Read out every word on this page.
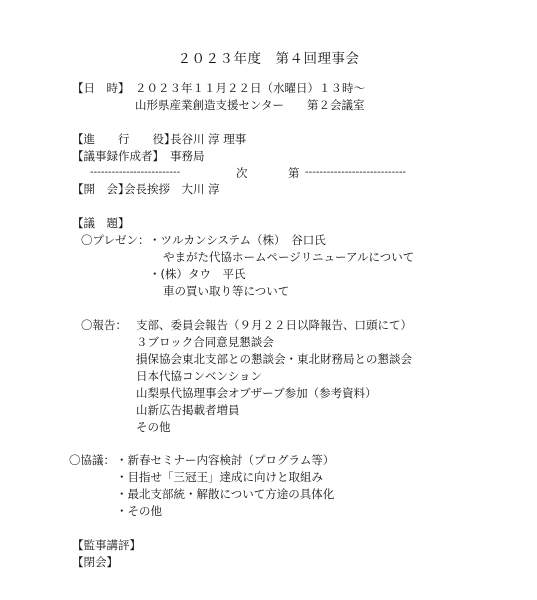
２０２３年度　第４回理事会
【日　時】 ２０２３年１１月２２日（水曜日）１３時～
山形県産業創造支援センター　　第２会議室
【進　　行　　役】
長谷川 淳 理事
【議事録作成者】 事務局
-------------------------	次	第 ----------------------------
【開　会】
会長挨拶　大川 淳
【議　題】
〇プレゼン： ・ツルカンシステム（株）　谷口氏
やまがた代協ホームページリニューアルについて
・(株）タウ　平氏
車の買い取り等について
〇報告： 支部、委員会報告（９月２２日以降報告、口頭にて）
３ブロック合同意見懇談会
損保協会東北支部との懇談会・東北財務局との懇談会
日本代協コンベンション
山梨県代協理事会オブザーブ参加（参考資料）
山新広告掲載者増員
その他
〇協議： ・新春セミナー内容検討（プログラム等）
・目指せ「三冠王」達成に向けと取組み
・最北支部統・解散について方途の具体化
・その他
【監事講評】
【閉会】
